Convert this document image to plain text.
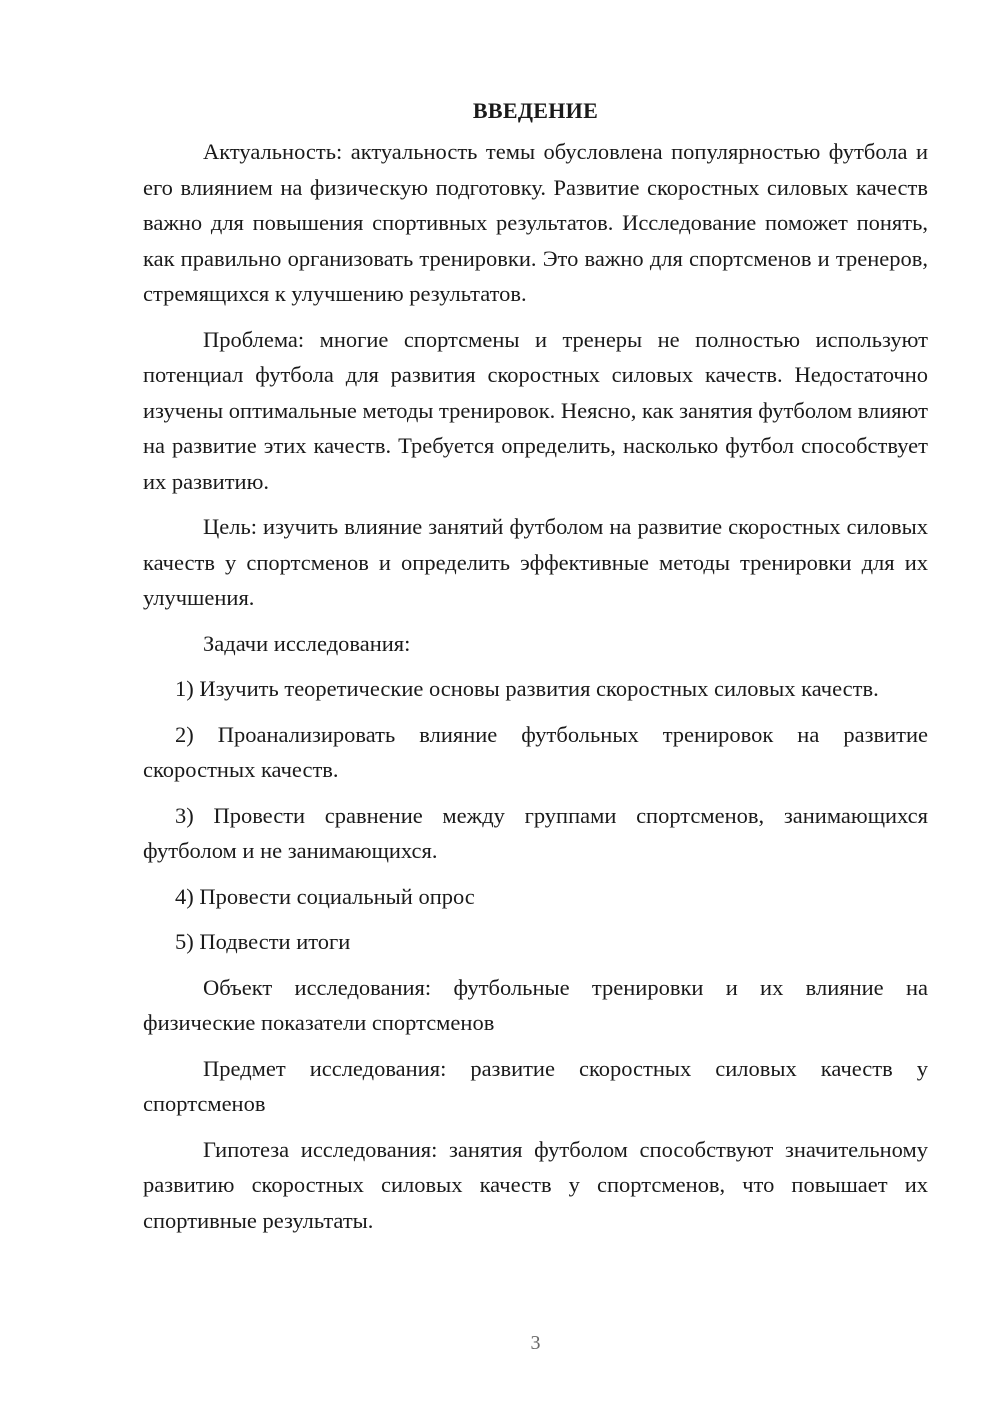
ВВЕДЕНИЕ

Актуальность: актуальность темы обусловлена популярностью футбола и его влиянием на физическую подготовку. Развитие скоростных силовых качеств важно для повышения спортивных результатов. Исследование поможет понять, как правильно организовать тренировки. Это важно для спортсменов и тренеров, стремящихся к улучшению результатов.

Проблема: многие спортсмены и тренеры не полностью используют потенциал футбола для развития скоростных силовых качеств. Недостаточно изучены оптимальные методы тренировок. Неясно, как занятия футболом влияют на развитие этих качеств. Требуется определить, насколько футбол способствует их развитию.

Цель: изучить влияние занятий футболом на развитие скоростных силовых качеств у спортсменов и определить эффективные методы тренировки для их улучшения.

Задачи исследования:

1) Изучить теоретические основы развития скоростных силовых качеств.

2) Проанализировать влияние футбольных тренировок на развитие скоростных качеств.

3) Провести сравнение между группами спортсменов, занимающихся футболом и не занимающихся.

4) Провести социальный опрос

5) Подвести итоги

Объект исследования: футбольные тренировки и их влияние на физические показатели спортсменов

Предмет исследования: развитие скоростных силовых качеств у спортсменов

Гипотеза исследования: занятия футболом способствуют значительному развитию скоростных силовых качеств у спортсменов, что повышает их спортивные результаты.

3
